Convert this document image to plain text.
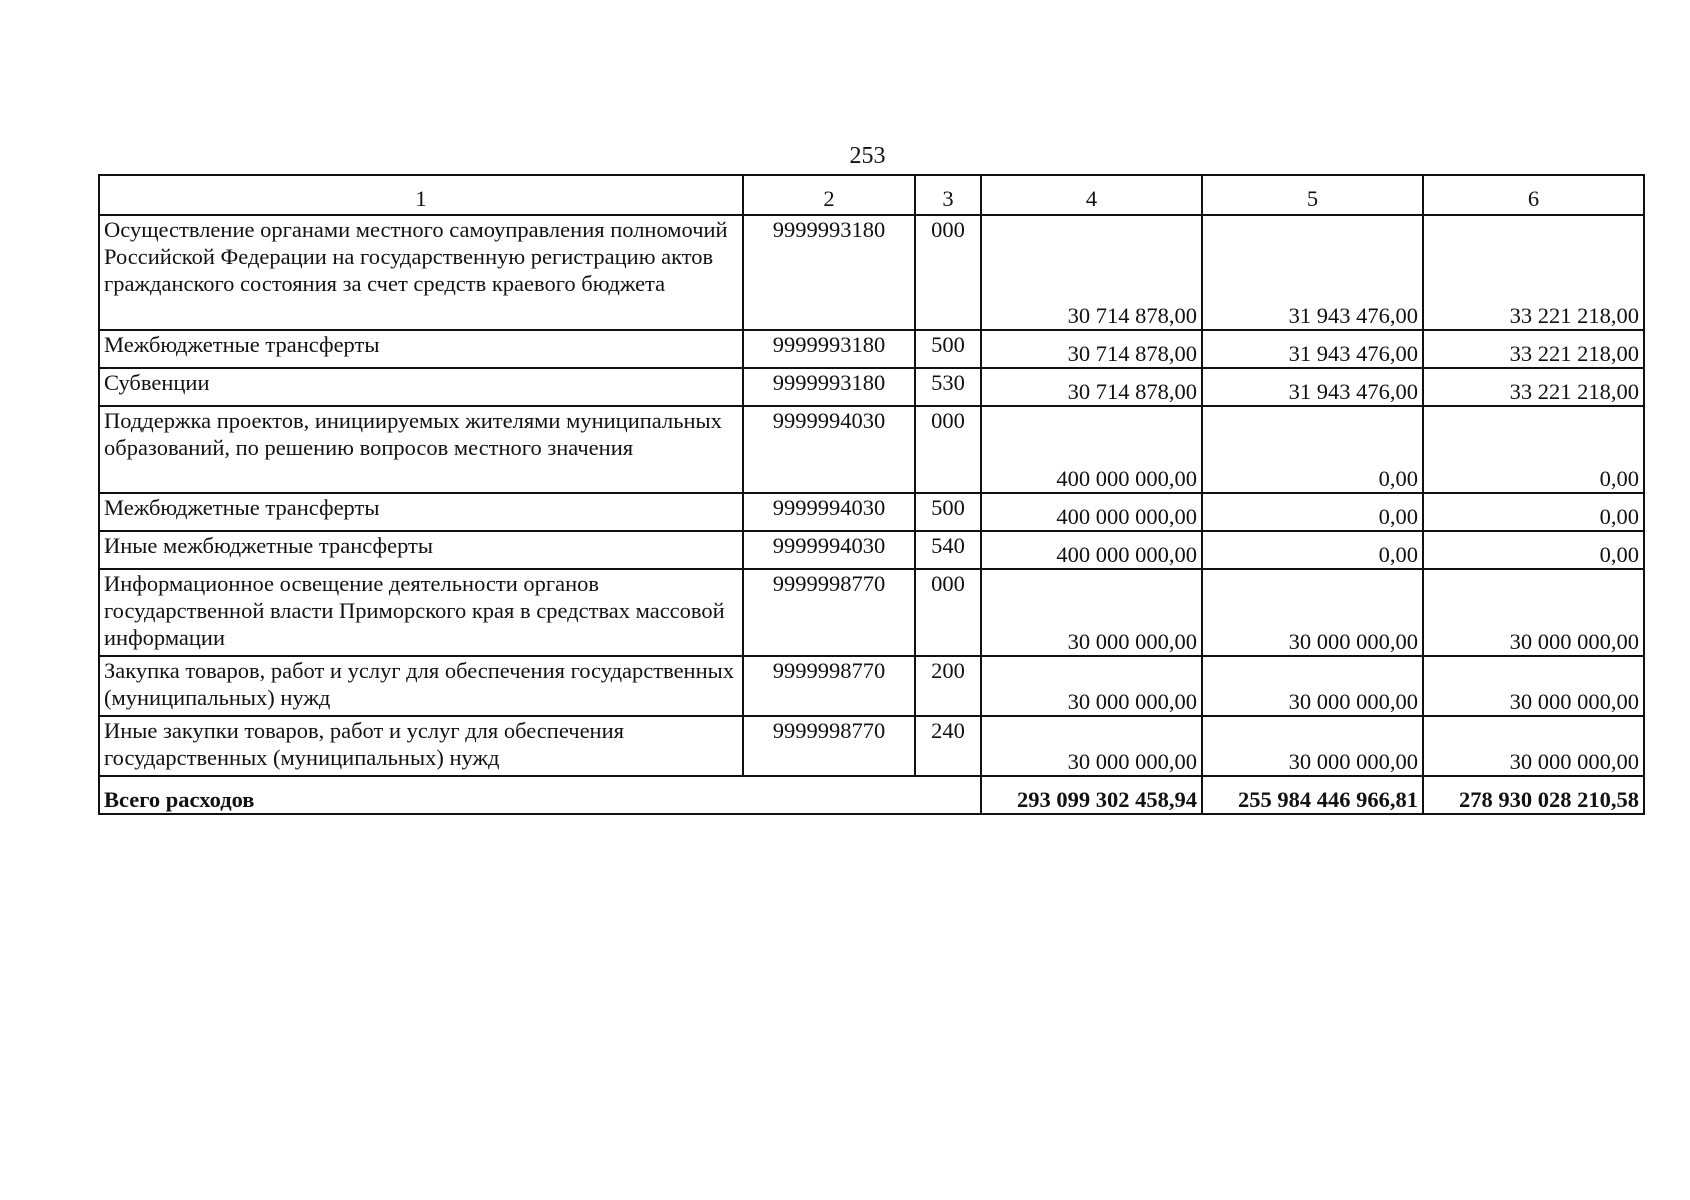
253
1	2	3	4	5	6
Осуществление органами местного самоуправления полномочий Российской Федерации на государственную регистрацию актов гражданского состояния за счет средств краевого бюджета	9999993180	000	30 714 878,00	31 943 476,00	33 221 218,00
Межбюджетные трансферты	9999993180	500	30 714 878,00	31 943 476,00	33 221 218,00
Субвенции	9999993180	530	30 714 878,00	31 943 476,00	33 221 218,00
Поддержка проектов, инициируемых жителями муниципальных образований, по решению вопросов местного значения	9999994030	000	400 000 000,00	0,00	0,00
Межбюджетные трансферты	9999994030	500	400 000 000,00	0,00	0,00
Иные межбюджетные трансферты	9999994030	540	400 000 000,00	0,00	0,00
Информационное освещение деятельности органов государственной власти Приморского края в средствах массовой информации	9999998770	000	30 000 000,00	30 000 000,00	30 000 000,00
Закупка товаров, работ и услуг для обеспечения государственных (муниципальных) нужд	9999998770	200	30 000 000,00	30 000 000,00	30 000 000,00
Иные закупки товаров, работ и услуг для обеспечения государственных (муниципальных) нужд	9999998770	240	30 000 000,00	30 000 000,00	30 000 000,00
Всего расходов			293 099 302 458,94	255 984 446 966,81	278 930 028 210,58
